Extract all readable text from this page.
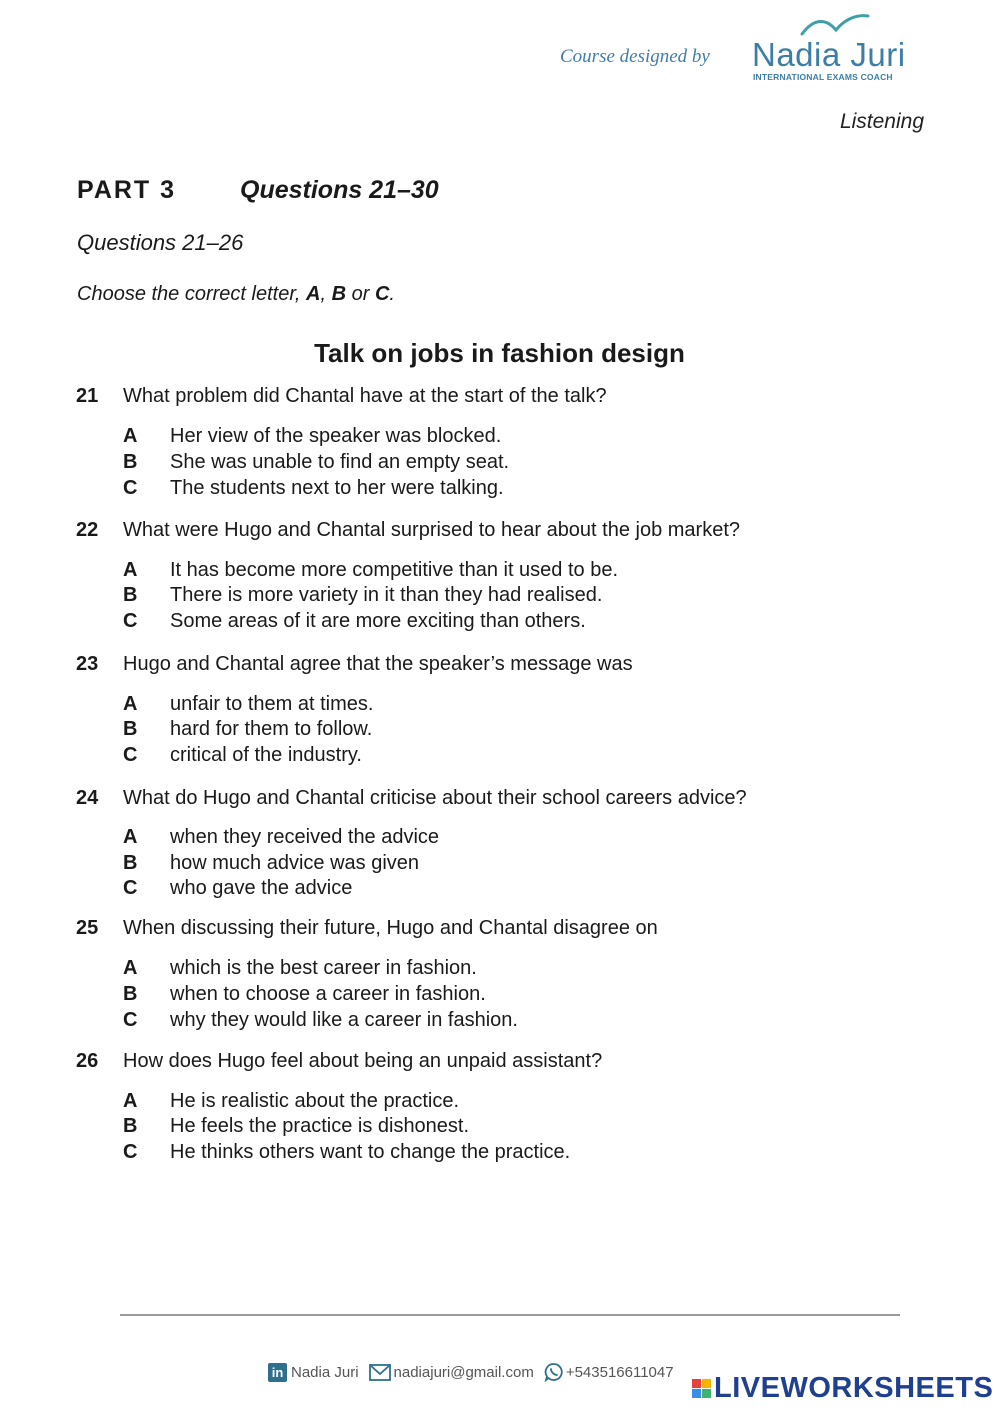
Course designed by Nadia Juri
INTERNATIONAL EXAMS COACH
Listening
PART 3	Questions 21–30
Questions 21–26
Choose the correct letter, A, B or C.
Talk on jobs in fashion design
21 What problem did Chantal have at the start of the talk?
A Her view of the speaker was blocked.
B She was unable to find an empty seat.
C The students next to her were talking.
22 What were Hugo and Chantal surprised to hear about the job market?
A It has become more competitive than it used to be.
B There is more variety in it than they had realised.
C Some areas of it are more exciting than others.
23 Hugo and Chantal agree that the speaker’s message was
A unfair to them at times.
B hard for them to follow.
C critical of the industry.
24 What do Hugo and Chantal criticise about their school careers advice?
A when they received the advice
B how much advice was given
C who gave the advice
25 When discussing their future, Hugo and Chantal disagree on
A which is the best career in fashion.
B when to choose a career in fashion.
C why they would like a career in fashion.
26 How does Hugo feel about being an unpaid assistant?
A He is realistic about the practice.
B He feels the practice is dishonest.
C He thinks others want to change the practice.
in Nadia Juri nadiajuri@gmail.com +543516611047 LIVEWORKSHEETS
